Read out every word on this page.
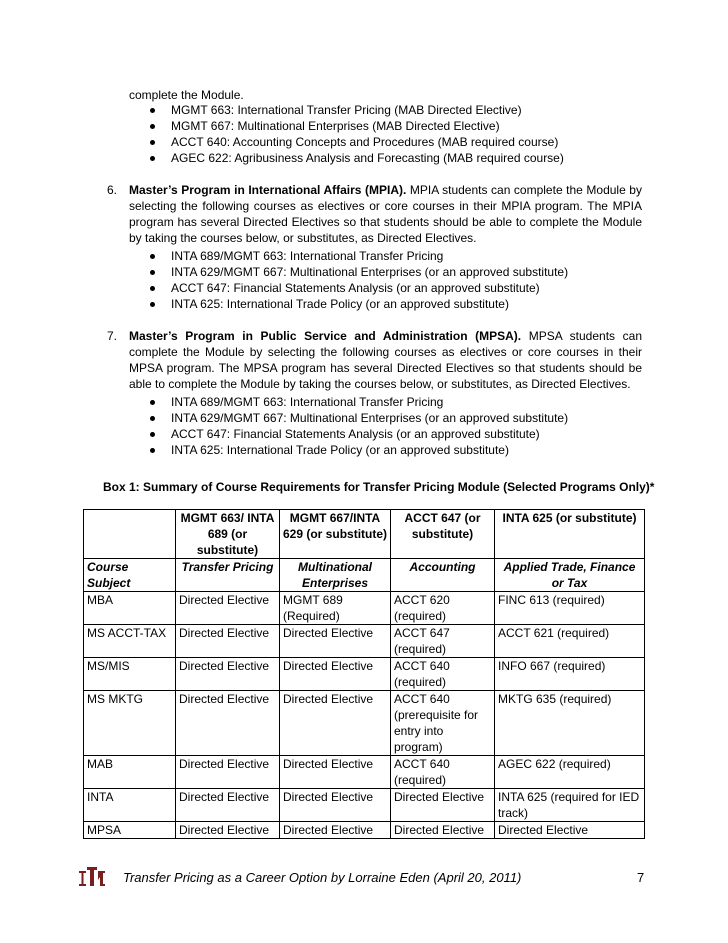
complete the Module.

MGMT 663: International Transfer Pricing (MAB Directed Elective)
MGMT 667: Multinational Enterprises (MAB Directed Elective)
ACCT 640: Accounting Concepts and Procedures (MAB required course)
AGEC 622: Agribusiness Analysis and Forecasting (MAB required course)
6. Master’s Program in International Affairs (MPIA). MPIA students can complete the Module by selecting the following courses as electives or core courses in their MPIA program. The MPIA program has several Directed Electives so that students should be able to complete the Module by taking the courses below, or substitutes, as Directed Electives.

INTA 689/MGMT 663: International Transfer Pricing
INTA 629/MGMT 667: Multinational Enterprises (or an approved substitute)
ACCT 647: Financial Statements Analysis (or an approved substitute)
INTA 625: International Trade Policy (or an approved substitute)
7. Master’s Program in Public Service and Administration (MPSA). MPSA students can complete the Module by selecting the following courses as electives or core courses in their MPSA program. The MPSA program has several Directed Electives so that students should be able to complete the Module by taking the courses below, or substitutes, as Directed Electives.

INTA 689/MGMT 663: International Transfer Pricing
INTA 629/MGMT 667: Multinational Enterprises (or an approved substitute)
ACCT 647: Financial Statements Analysis (or an approved substitute)
INTA 625: International Trade Policy (or an approved substitute)

Box 1: Summary of Course Requirements for Transfer Pricing Module (Selected Programs Only)*

	MGMT 663/ INTA 689 (or substitute)	MGMT 667/INTA 629 (or substitute)	ACCT 647 (or substitute)	INTA 625 (or substitute)
Course Subject	Transfer Pricing	Multinational Enterprises	Accounting	Applied Trade, Finance or Tax
MBA	Directed Elective	MGMT 689 (Required)	ACCT 620 (required)	FINC 613 (required)
MS ACCT-TAX	Directed Elective	Directed Elective	ACCT 647 (required)	ACCT 621 (required)
MS/MIS	Directed Elective	Directed Elective	ACCT 640 (required)	INFO 667 (required)
MS MKTG	Directed Elective	Directed Elective	ACCT 640 (prerequisite for entry into program)	MKTG 635 (required)
MAB	Directed Elective	Directed Elective	ACCT 640 (required)	AGEC 622 (required)
INTA	Directed Elective	Directed Elective	Directed Elective	INTA 625 (required for IED track)
MPSA	Directed Elective	Directed Elective	Directed Elective	Directed Elective

Transfer Pricing as a Career Option by Lorraine Eden (April 20, 2011)	7
